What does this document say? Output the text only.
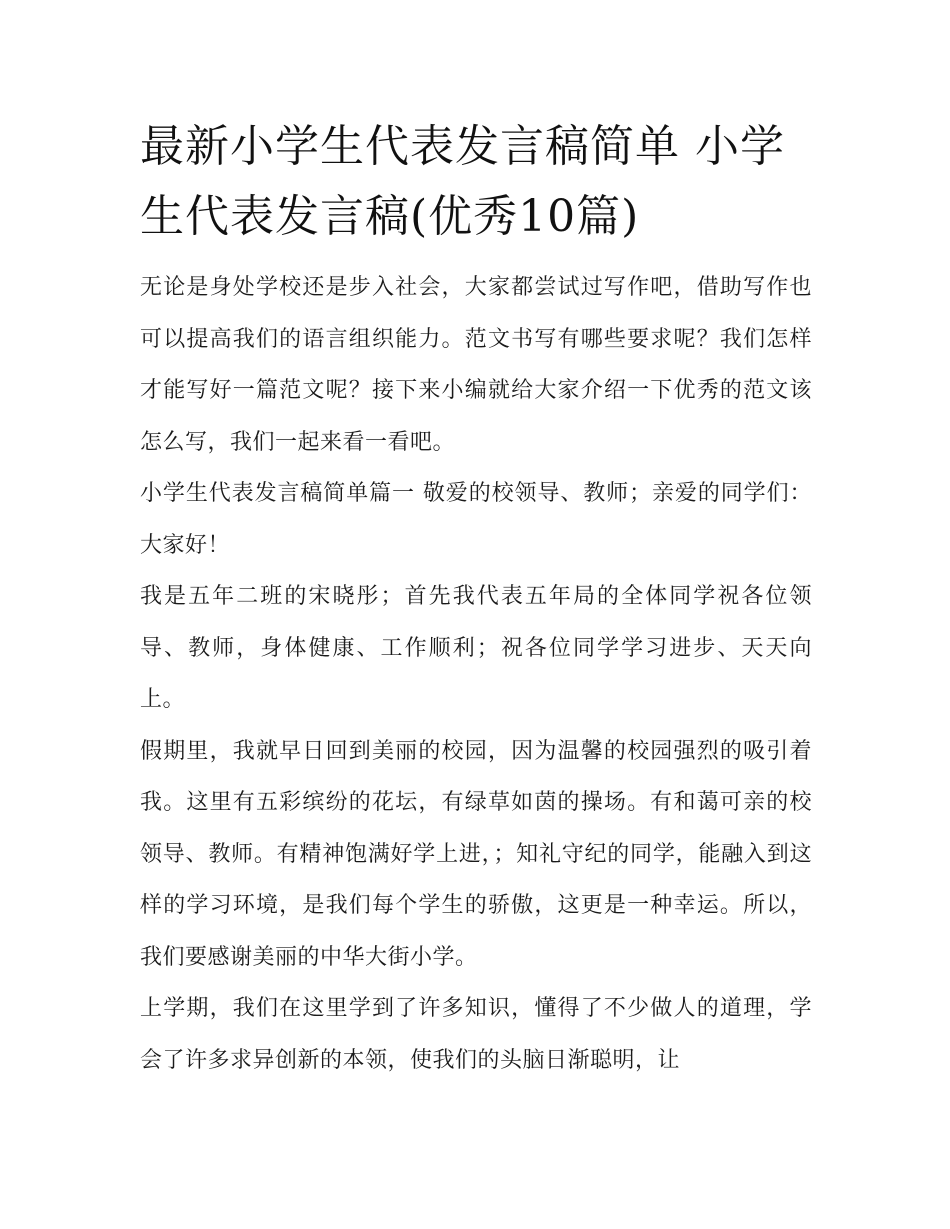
最新小学生代表发言稿简单 小学生代表发言稿(优秀10篇)

无论是身处学校还是步入社会，大家都尝试过写作吧，借助写作也可以提高我们的语言组织能力。范文书写有哪些要求呢？我们怎样才能写好一篇范文呢？接下来小编就给大家介绍一下优秀的范文该怎么写，我们一起来看一看吧。

小学生代表发言稿简单篇一 敬爱的校领导、教师；亲爱的同学们： 大家好！

我是五年二班的宋晓彤；首先我代表五年局的全体同学祝各位领导、教师，身体健康、工作顺利；祝各位同学学习进步、天天向上。

假期里，我就早日回到美丽的校园，因为温馨的校园强烈的吸引着我。这里有五彩缤纷的花坛，有绿草如茵的操场。有和蔼可亲的校领导、教师。有精神饱满好学上进，；知礼守纪的同学，能融入到这样的学习环境，是我们每个学生的骄傲，这更是一种幸运。所以，我们要感谢美丽的中华大街小学。

上学期，我们在这里学到了许多知识，懂得了不少做人的道理，学会了许多求异创新的本领，使我们的头脑日渐聪明，让
